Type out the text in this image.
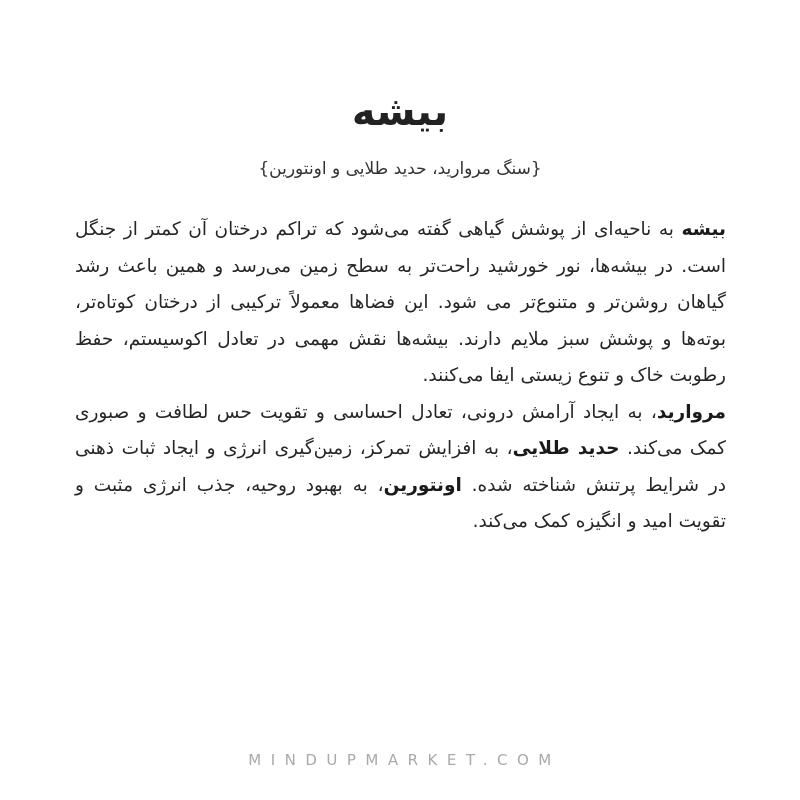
بیشه
{سنگ مروارید، حدید طلایی و اونتورین}

بیشه به ناحیه‌ای از پوشش گیاهی گفته می‌شود که تراکم درختان آن کمتر از جنگل است. در بیشه‌ها، نور خورشید راحت‌تر به سطح زمین می‌رسد و همین باعث رشد گیاهان روشن‌تر و متنوع‌تر می شود. این فضاها معمولاً ترکیبی از درختان کوتاه‌تر، بوته‌ها و پوشش سبز ملایم دارند. بیشه‌ها نقش مهمی در تعادل اکوسیستم، حفظ رطوبت خاک و تنوع زیستی ایفا می‌کنند.

مروارید، به ایجاد آرامش درونی، تعادل احساسی و تقویت حس لطافت و صبوری کمک می‌کند. حدید طلایی، به افزایش تمرکز، زمین‌گیری انرژی و ایجاد ثبات ذهنی در شرایط پرتنش شناخته شده. اونتورین، به بهبود روحیه، جذب انرژی مثبت و تقویت امید و انگیزه کمک می‌کند.

MINDUPMARKET.COM
